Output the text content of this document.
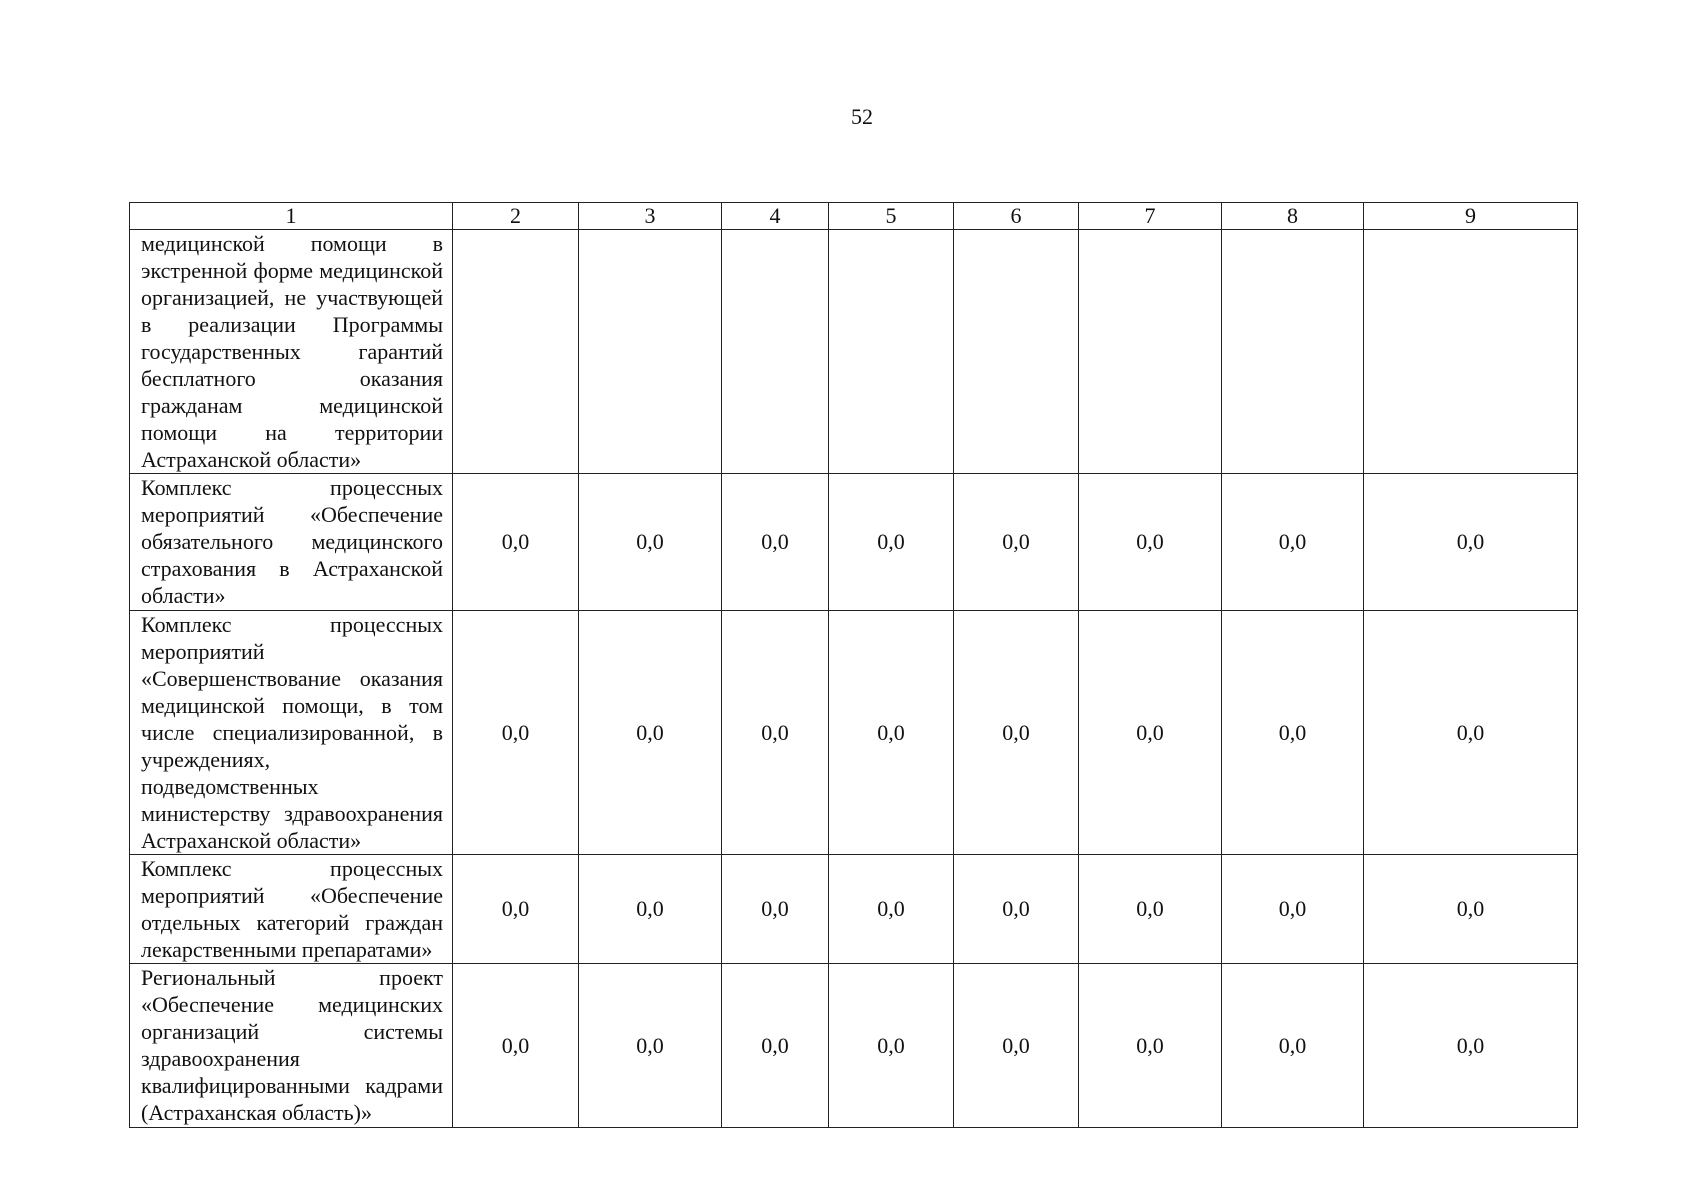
52
1	2	3	4	5	6	7	8	9
медицинской помощи в экстренной форме медицинской организацией, не участвующей в реализации Программы государственных гарантий бесплатного оказания гражданам медицинской помощи на территории Астраханской области»								
Комплекс процессных мероприятий «Обеспечение обязательного медицинского страхования в Астраханской области»	0,0	0,0	0,0	0,0	0,0	0,0	0,0	0,0
Комплекс процессных мероприятий «Совершенствование оказания медицинской помощи, в том числе специализированной, в учреждениях, подведомственных министерству здравоохранения Астраханской области»	0,0	0,0	0,0	0,0	0,0	0,0	0,0	0,0
Комплекс процессных мероприятий «Обеспечение отдельных категорий граждан лекарственными препаратами»	0,0	0,0	0,0	0,0	0,0	0,0	0,0	0,0
Региональный проект «Обеспечение медицинских организаций системы здравоохранения квалифицированными кадрами (Астраханская область)»	0,0	0,0	0,0	0,0	0,0	0,0	0,0	0,0
